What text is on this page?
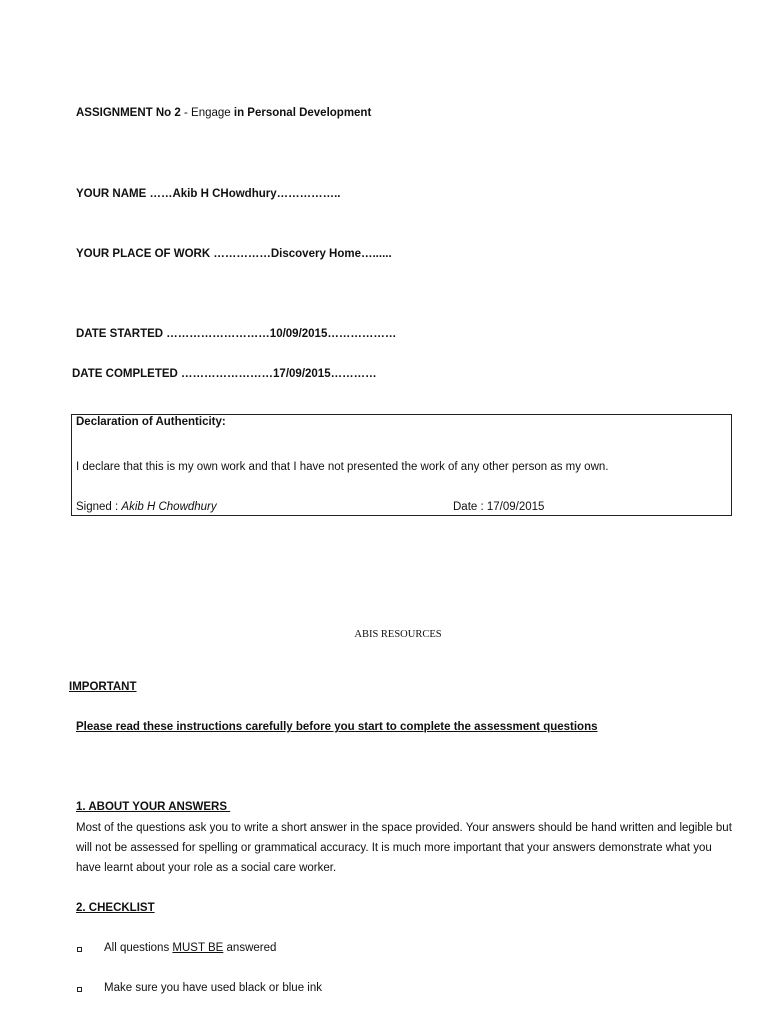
ASSIGNMENT No 2 - Engage in Personal Development
YOUR NAME ……Akib H CHowdhury……………..
YOUR PLACE OF WORK ……………Discovery Home…......
DATE STARTED ………………………10/09/2015………………
DATE COMPLETED ……………………17/09/2015…………
Declaration of Authenticity:
I declare that this is my own work and that I have not presented the work of any other person as my own.
Signed : Akib H Chowdhury	Date : 17/09/2015
ABIS RESOURCES
IMPORTANT
Please read these instructions carefully before you start to complete the assessment questions
1. ABOUT YOUR ANSWERS
Most of the questions ask you to write a short answer in the space provided. Your answers should be hand written and legible but will not be assessed for spelling or grammatical accuracy. It is much more important that your answers demonstrate what you have learnt about your role as a social care worker.
2. CHECKLIST
All questions MUST BE answered
Make sure you have used black or blue ink
